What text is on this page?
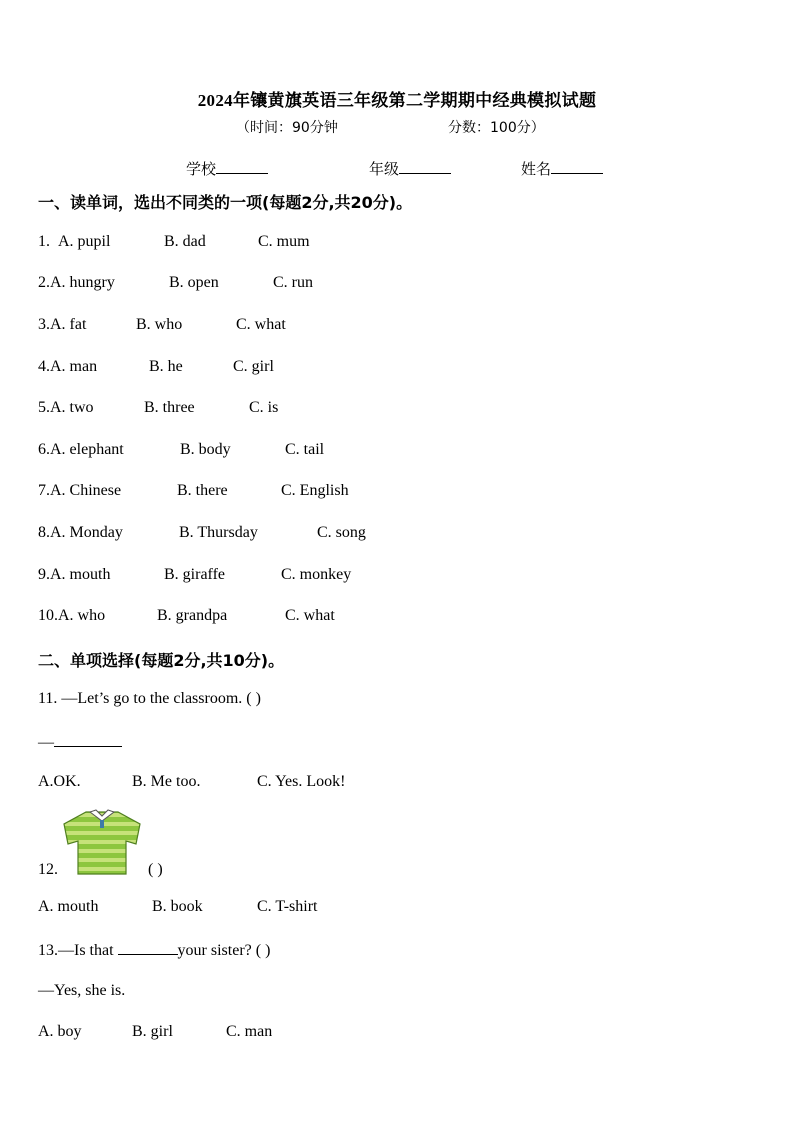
2024年镶黄旗英语三年级第二学期期中经典模拟试题
（时间：90分钟	分数：100分）
学校	年级	姓名
一、读单词，选出不同类的一项(每题2分,共20分)。
1. A. pupil	B. dad	C. mum
2.A. hungry	B. open	C. run
3.A. fat	B. who	C. what
4.A. man	B. he	C. girl
5.A. two	B. three	C. is
6.A. elephant	B. body	C. tail
7.A. Chinese	B. there	C. English
8.A. Monday	B. Thursday	C. song
9.A. mouth	B. giraffe	C. monkey
10.A. who	B. grandpa	C. what
二、单项选择(每题2分,共10分)。
11. —Let’s go to the classroom. ( )
—
A.OK.	B. Me too.	C. Yes. Look!
12.	( )
A. mouth	B. book	C. T-shirt
13.—Is that	your sister? ( )
—Yes, she is.
A. boy	B. girl	C. man
